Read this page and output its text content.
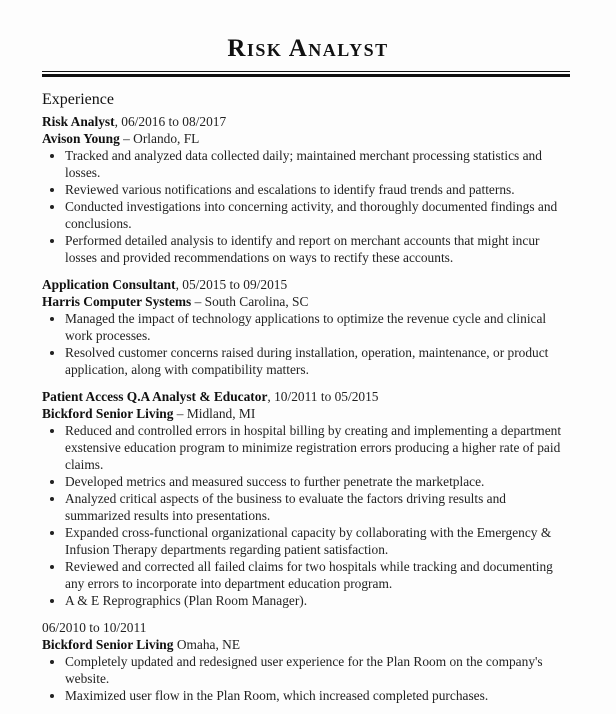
Risk Analyst
Experience
Risk Analyst, 06/2016 to 08/2017
Avison Young – Orlando, FL
• Tracked and analyzed data collected daily; maintained merchant processing statistics and losses.
• Reviewed various notifications and escalations to identify fraud trends and patterns.
• Conducted investigations into concerning activity, and thoroughly documented findings and conclusions.
• Performed detailed analysis to identify and report on merchant accounts that might incur losses and provided recommendations on ways to rectify these accounts.
Application Consultant, 05/2015 to 09/2015
Harris Computer Systems – South Carolina, SC
• Managed the impact of technology applications to optimize the revenue cycle and clinical work processes.
• Resolved customer concerns raised during installation, operation, maintenance, or product application, along with compatibility matters.
Patient Access Q.A Analyst & Educator, 10/2011 to 05/2015
Bickford Senior Living – Midland, MI
• Reduced and controlled errors in hospital billing by creating and implementing a department exstensive education program to minimize registration errors producing a higher rate of paid claims.
• Developed metrics and measured success to further penetrate the marketplace.
• Analyzed critical aspects of the business to evaluate the factors driving results and summarized results into presentations.
• Expanded cross-functional organizational capacity by collaborating with the Emergency & Infusion Therapy departments regarding patient satisfaction.
• Reviewed and corrected all failed claims for two hospitals while tracking and documenting any errors to incorporate into department education program.
• A & E Reprographics (Plan Room Manager).
06/2010 to 10/2011
Bickford Senior Living Omaha, NE
• Completely updated and redesigned user experience for the Plan Room on the company's website.
• Maximized user flow in the Plan Room, which increased completed purchases.
